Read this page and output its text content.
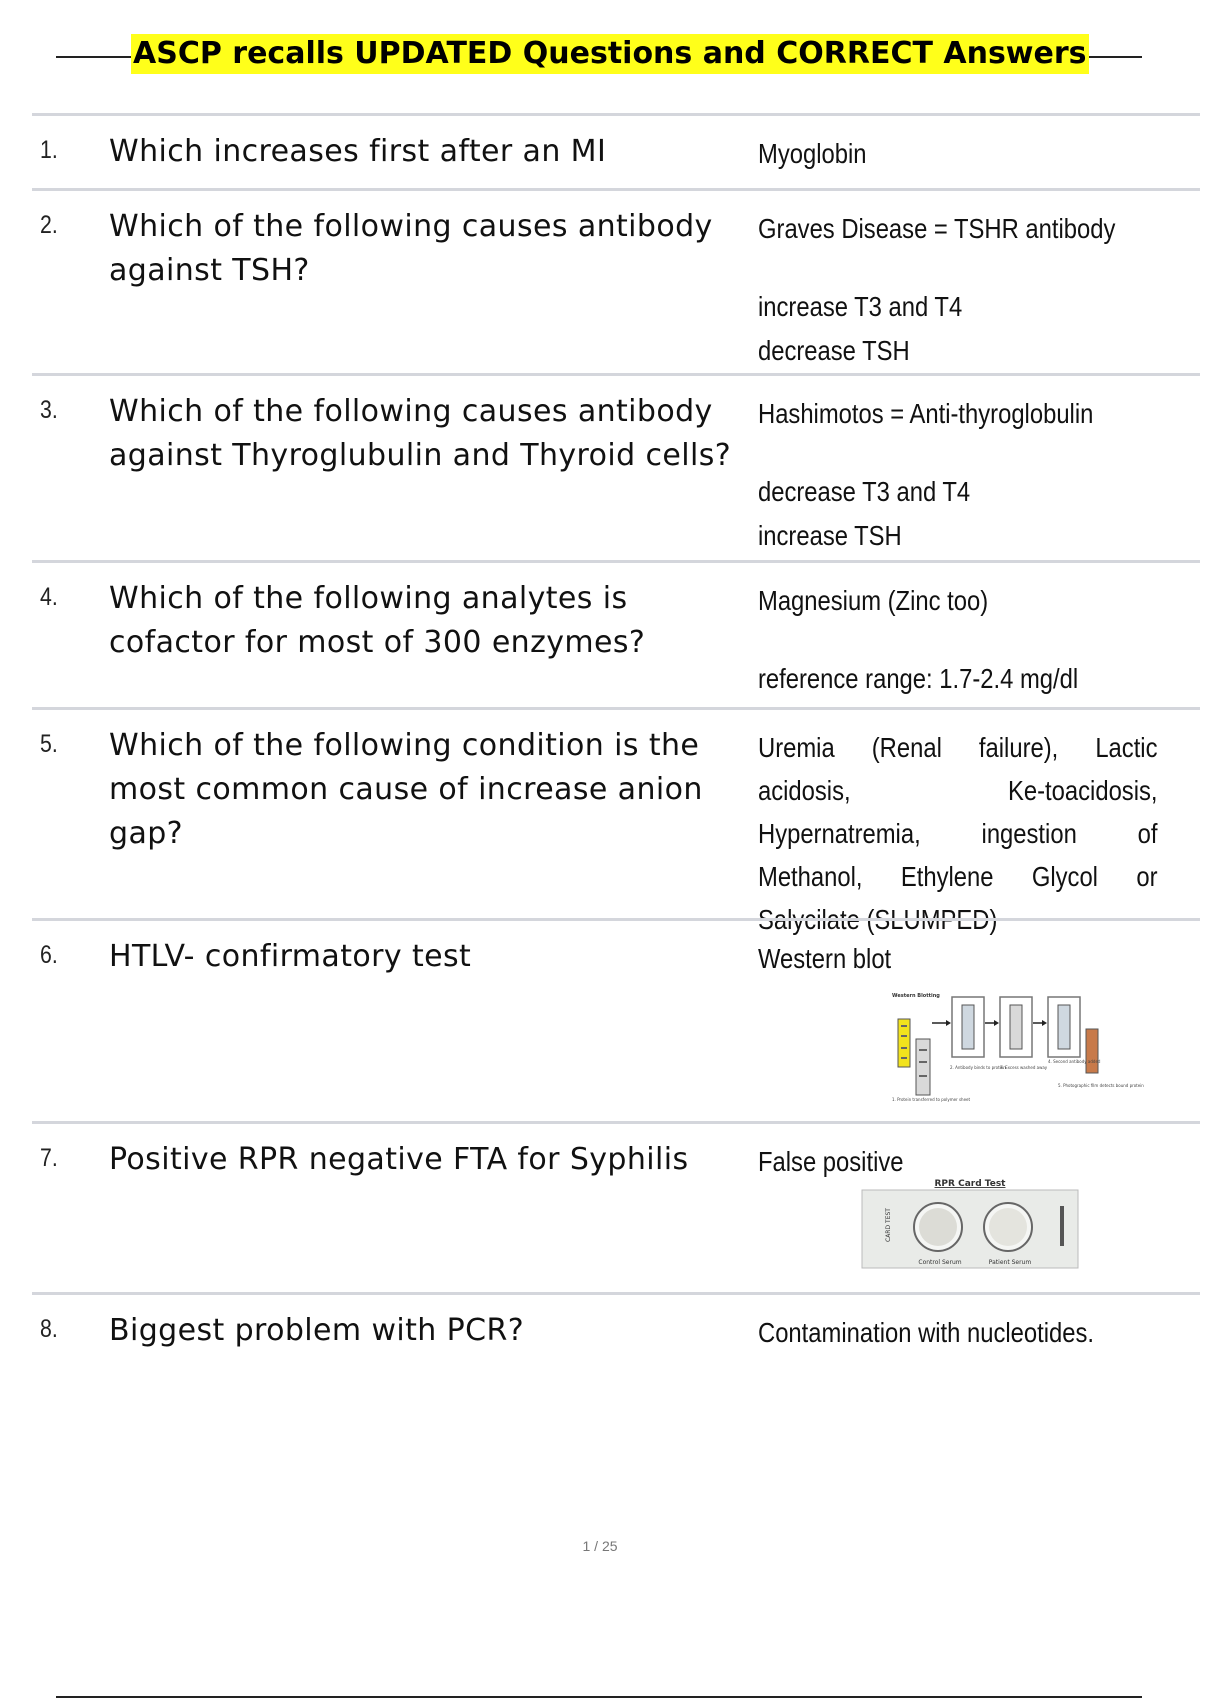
ASCP recalls UPDATED Questions and CORRECT Answers
1. Which increases first after an MI	Myoglobin
2. Which of the following causes antibody against TSH?
Graves Disease = TSHR antibody
increase T3 and T4
decrease TSH
3. Which of the following causes antibody against Thyroglubulin and Thyroid cells?
Hashimotos = Anti-thyroglobulin
decrease T3 and T4
increase TSH
4. Which of the following analytes is cofactor for most of 300 enzymes?
Magnesium (Zinc too)
reference range: 1.7-2.4 mg/dl
5. Which of the following condition is the most common cause of increase anion gap?
Uremia (Renal failure), Lactic acidosis, Ke-toacidosis, Hypernatremia, ingestion of Methanol, Ethylene Glycol or Salycilate (SLUMPED)
6. HTLV- confirmatory test	Western blot
Western Blotting
1. Protein transferred to polymer sheet
2. Antibody binds to protein
3. Excess washed away
4. Second antibody added
5. Photographic film detects bound protein
7. Positive RPR negative FTA for Syphilis	False positive
RPR Card Test
CARD TEST
Control Serum	Patient Serum
8. Biggest problem with PCR?	Contamination with nucleotides.
1 / 25
